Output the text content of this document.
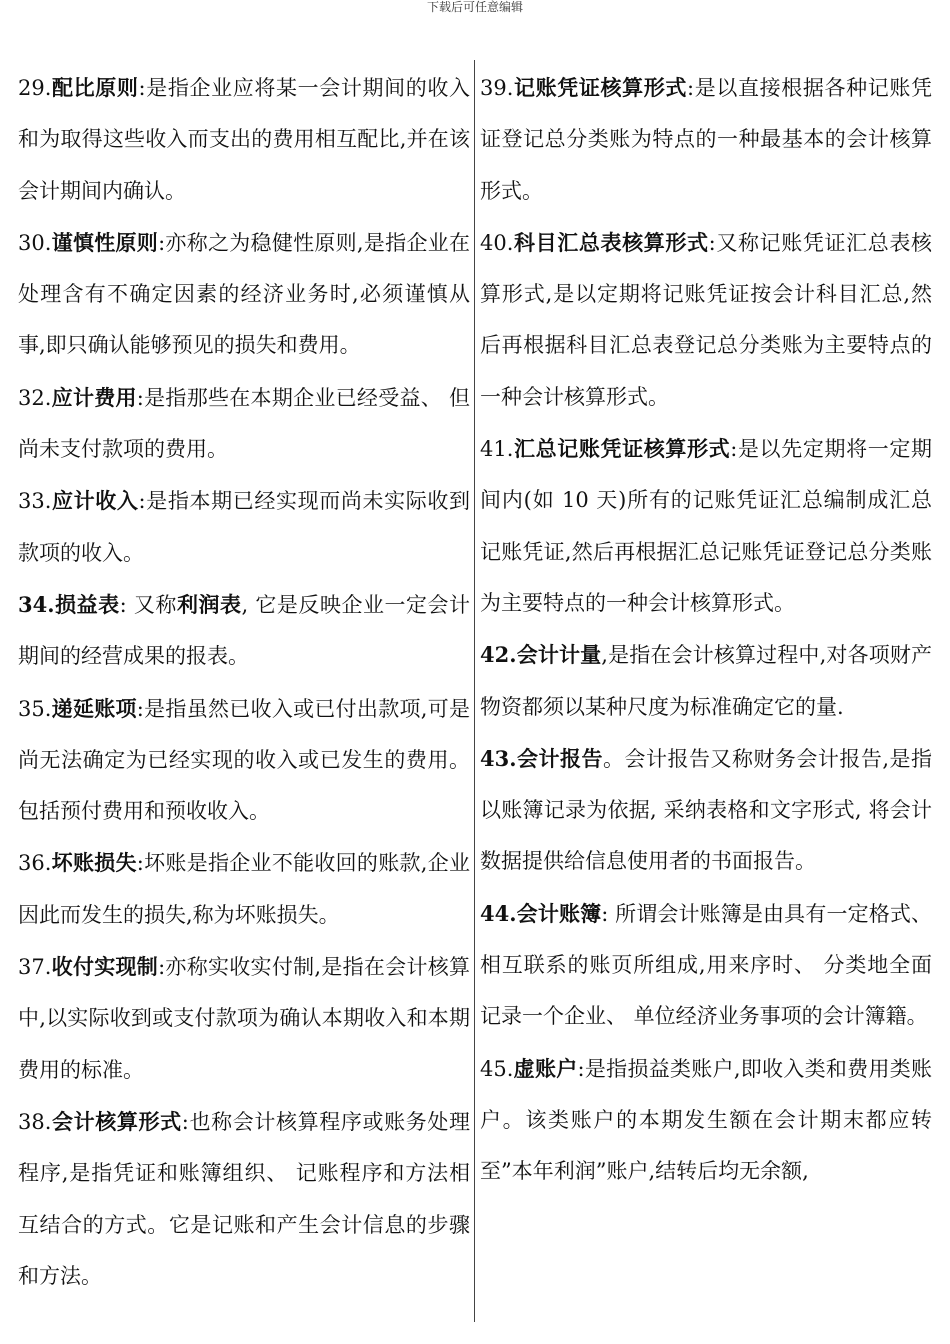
下载后可任意编辑

29.配比原则:是指企业应将某一会计期间的收入和为取得这些收入而支出的费用相互配比,并在该会计期间内确认。

30.谨慎性原则:亦称之为稳健性原则,是指企业在处理含有不确定因素的经济业务时,必须谨慎从事,即只确认能够预见的损失和费用。

32.应计费用:是指那些在本期企业已经受益、 但尚未支付款项的费用。

33.应计收入:是指本期已经实现而尚未实际收到款项的收入。

34.损益表: 又称利润表, 它是反映企业一定会计期间的经营成果的报表。

35.递延账项:是指虽然已收入或已付出款项,可是尚无法确定为已经实现的收入或已发生的费用。包括预付费用和预收收入。

36.坏账损失:坏账是指企业不能收回的账款,企业因此而发生的损失,称为坏账损失。

37.收付实现制:亦称实收实付制,是指在会计核算中,以实际收到或支付款项为确认本期收入和本期费用的标准。

38.会计核算形式:也称会计核算程序或账务处理程序,是指凭证和账簿组织、 记账程序和方法相互结合的方式。它是记账和产生会计信息的步骤和方法。

39.记账凭证核算形式:是以直接根据各种记账凭证登记总分类账为特点的一种最基本的会计核算形式。

40.科目汇总表核算形式:又称记账凭证汇总表核算形式,是以定期将记账凭证按会计科目汇总,然后再根据科目汇总表登记总分类账为主要特点的一种会计核算形式。

41.汇总记账凭证核算形式:是以先定期将一定期间内(如 10 天)所有的记账凭证汇总编制成汇总记账凭证,然后再根据汇总记账凭证登记总分类账为主要特点的一种会计核算形式。

42.会计计量,是指在会计核算过程中,对各项财产物资都须以某种尺度为标准确定它的量.

43.会计报告。会计报告又称财务会计报告,是指以账簿记录为依据, 采纳表格和文字形式, 将会计数据提供给信息使用者的书面报告。

44.会计账簿: 所谓会计账簿是由具有一定格式、 相互联系的账页所组成,用来序时、 分类地全面记录一个企业、 单位经济业务事项的会计簿籍。

45.虚账户:是指损益类账户,即收入类和费用类账户。该类账户的本期发生额在会计期末都应转至”本年利润”账户,结转后均无余额,
